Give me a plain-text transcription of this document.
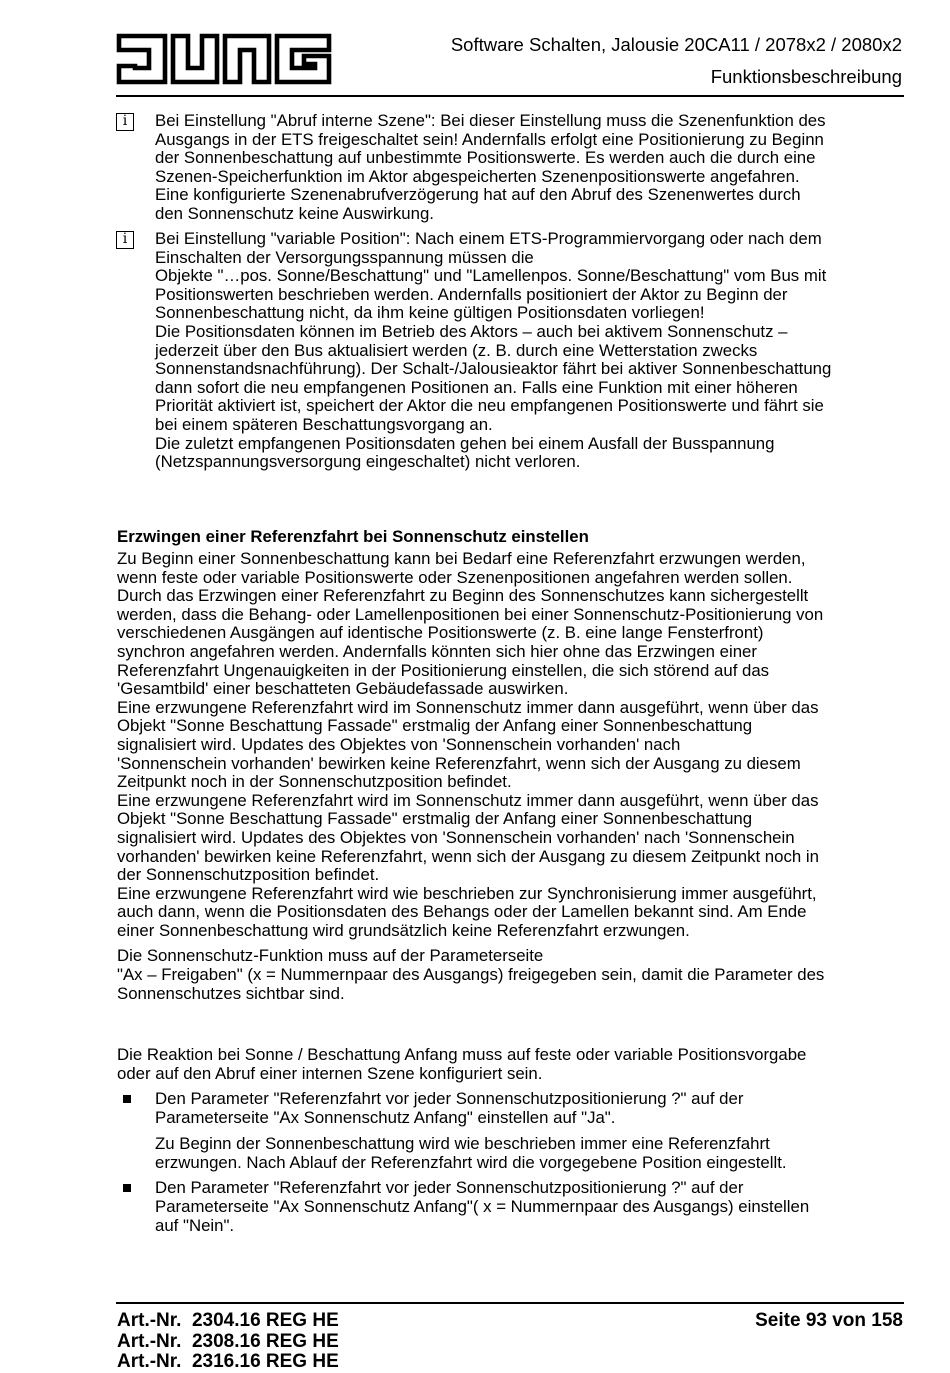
JUNG
Software Schalten, Jalousie 20CA11 / 2078x2 / 2080x2
Funktionsbeschreibung
i	Bei Einstellung "Abruf interne Szene": Bei dieser Einstellung muss die Szenenfunktion des
Ausgangs in der ETS freigeschaltet sein! Andernfalls erfolgt eine Positionierung zu Beginn
der Sonnenbeschattung auf unbestimmte Positionswerte. Es werden auch die durch eine
Szenen-Speicherfunktion im Aktor abgespeicherten Szenenpositionswerte angefahren.
Eine konfigurierte Szenenabrufverzögerung hat auf den Abruf des Szenenwertes durch
den Sonnenschutz keine Auswirkung.
i	Bei Einstellung "variable Position": Nach einem ETS-Programmiervorgang oder nach dem
Einschalten der Versorgungsspannung müssen die
Objekte "…pos. Sonne/Beschattung" und "Lamellenpos. Sonne/Beschattung" vom Bus mit
Positionswerten beschrieben werden. Andernfalls positioniert der Aktor zu Beginn der
Sonnenbeschattung nicht, da ihm keine gültigen Positionsdaten vorliegen!
Die Positionsdaten können im Betrieb des Aktors – auch bei aktivem Sonnenschutz –
jederzeit über den Bus aktualisiert werden (z. B. durch eine Wetterstation zwecks
Sonnenstandsnachführung). Der Schalt-/Jalousieaktor fährt bei aktiver Sonnenbeschattung
dann sofort die neu empfangenen Positionen an. Falls eine Funktion mit einer höheren
Priorität aktiviert ist, speichert der Aktor die neu empfangenen Positionswerte und fährt sie
bei einem späteren Beschattungsvorgang an.
Die zuletzt empfangenen Positionsdaten gehen bei einem Ausfall der Busspannung
(Netzspannungsversorgung eingeschaltet) nicht verloren.
Erzwingen einer Referenzfahrt bei Sonnenschutz einstellen
Zu Beginn einer Sonnenbeschattung kann bei Bedarf eine Referenzfahrt erzwungen werden,
wenn feste oder variable Positionswerte oder Szenenpositionen angefahren werden sollen.
Durch das Erzwingen einer Referenzfahrt zu Beginn des Sonnenschutzes kann sichergestellt
werden, dass die Behang- oder Lamellenpositionen bei einer Sonnenschutz-Positionierung von
verschiedenen Ausgängen auf identische Positionswerte (z. B. eine lange Fensterfront)
synchron angefahren werden. Andernfalls könnten sich hier ohne das Erzwingen einer
Referenzfahrt Ungenauigkeiten in der Positionierung einstellen, die sich störend auf das
'Gesamtbild' einer beschatteten Gebäudefassade auswirken.
Eine erzwungene Referenzfahrt wird im Sonnenschutz immer dann ausgeführt, wenn über das
Objekt "Sonne Beschattung Fassade" erstmalig der Anfang einer Sonnenbeschattung
signalisiert wird. Updates des Objektes von 'Sonnenschein vorhanden' nach
'Sonnenschein vorhanden' bewirken keine Referenzfahrt, wenn sich der Ausgang zu diesem
Zeitpunkt noch in der Sonnenschutzposition befindet.
Eine erzwungene Referenzfahrt wird im Sonnenschutz immer dann ausgeführt, wenn über das
Objekt "Sonne Beschattung Fassade" erstmalig der Anfang einer Sonnenbeschattung
signalisiert wird. Updates des Objektes von 'Sonnenschein vorhanden' nach 'Sonnenschein
vorhanden' bewirken keine Referenzfahrt, wenn sich der Ausgang zu diesem Zeitpunkt noch in
der Sonnenschutzposition befindet.
Eine erzwungene Referenzfahrt wird wie beschrieben zur Synchronisierung immer ausgeführt,
auch dann, wenn die Positionsdaten des Behangs oder der Lamellen bekannt sind. Am Ende
einer Sonnenbeschattung wird grundsätzlich keine Referenzfahrt erzwungen.
Die Sonnenschutz-Funktion muss auf der Parameterseite
"Ax – Freigaben" (x = Nummernpaar des Ausgangs) freigegeben sein, damit die Parameter des
Sonnenschutzes sichtbar sind.
Die Reaktion bei Sonne / Beschattung Anfang muss auf feste oder variable Positionsvorgabe
oder auf den Abruf einer internen Szene konfiguriert sein.
Den Parameter "Referenzfahrt vor jeder Sonnenschutzpositionierung ?" auf der
Parameterseite "Ax Sonnenschutz Anfang" einstellen auf "Ja".
Zu Beginn der Sonnenbeschattung wird wie beschrieben immer eine Referenzfahrt
erzwungen. Nach Ablauf der Referenzfahrt wird die vorgegebene Position eingestellt.
Den Parameter "Referenzfahrt vor jeder Sonnenschutzpositionierung ?" auf der
Parameterseite "Ax Sonnenschutz Anfang"( x = Nummernpaar des Ausgangs) einstellen
auf "Nein".
Art.-Nr.  2304.16 REG HE
Art.-Nr.  2308.16 REG HE
Art.-Nr.  2316.16 REG HE
Seite 93 von 158
